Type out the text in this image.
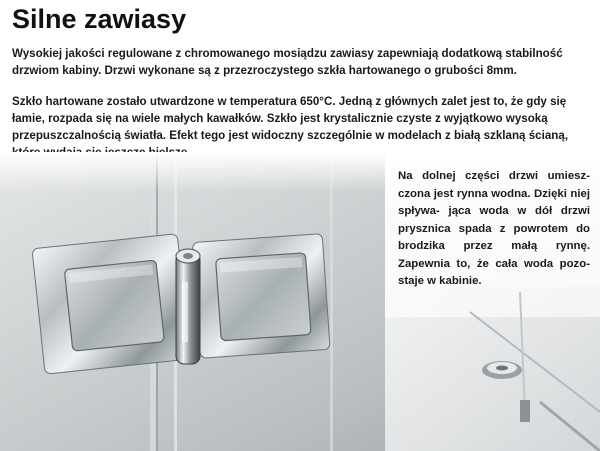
Silne zawiasy

Wysokiej jakości regulowane z chromowanego mosiądzu zawiasy zapewniają dodatkową stabilność drzwiom kabiny. Drzwi wykonane są z przezroczystego szkła hartowanego o grubości 8mm.

Szkło hartowane zostało utwardzone w temperatura 650°C. Jedną z głównych zalet jest to, że gdy się łamie, rozpada się na wiele małych kawałków. Szkło jest krystalicznie czyste z wyjątkowo wysoką przepuszczalnością światła. Efekt tego jest widoczny szczególnie w modelach z białą szklaną ścianą,

Na dolnej części drzwi umiesz- czona jest rynna wodna. Dzięki niej spływa- jąca woda w dół drzwi prysznica spada z powrotem do brodzika przez małą rynnę. Zapewnia to, że cała woda pozo- staje w kabinie.
